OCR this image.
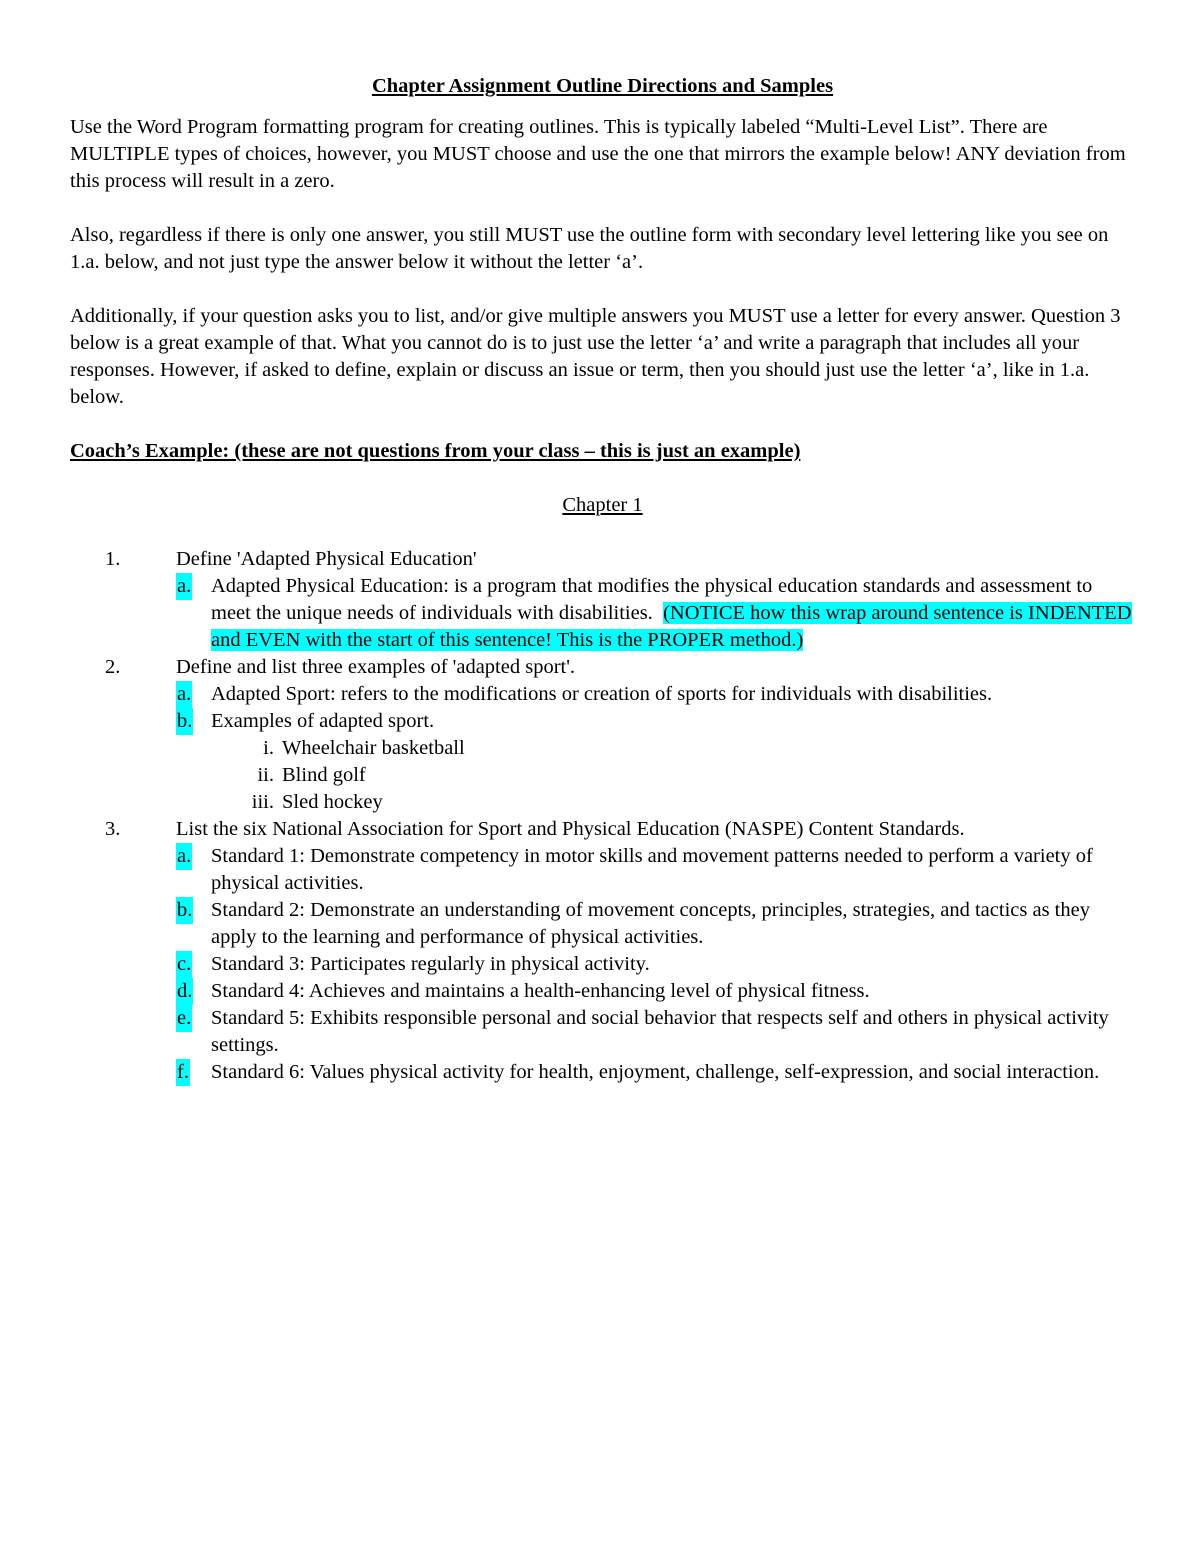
Chapter Assignment Outline Directions and Samples

Use the Word Program formatting program for creating outlines. This is typically labeled “Multi-Level List”. There are MULTIPLE types of choices, however, you MUST choose and use the one that mirrors the example below! ANY deviation from this process will result in a zero.

Also, regardless if there is only one answer, you still MUST use the outline form with secondary level lettering like you see on 1.a. below, and not just type the answer below it without the letter ‘a’.

Additionally, if your question asks you to list, and/or give multiple answers you MUST use a letter for every answer. Question 3 below is a great example of that. What you cannot do is to just use the letter ‘a’ and write a paragraph that includes all your responses. However, if asked to define, explain or discuss an issue or term, then you should just use the letter ‘a’, like in 1.a. below.

Coach’s Example: (these are not questions from your class – this is just an example)
Chapter 1
1.	Define 'Adapted Physical Education'
a. Adapted Physical Education: is a program that modifies the physical education standards and assessment to meet the unique needs of individuals with disabilities. (NOTICE how this wrap around sentence is INDENTED and EVEN with the start of this sentence! This is the PROPER method.)
2.	Define and list three examples of 'adapted sport'.
a. Adapted Sport: refers to the modifications or creation of sports for individuals with disabilities.
b. Examples of adapted sport.
i. Wheelchair basketball
ii. Blind golf
iii. Sled hockey
3.	List the six National Association for Sport and Physical Education (NASPE) Content Standards.
a. Standard 1: Demonstrate competency in motor skills and movement patterns needed to perform a variety of physical activities.
b. Standard 2: Demonstrate an understanding of movement concepts, principles, strategies, and tactics as they apply to the learning and performance of physical activities.
c. Standard 3: Participates regularly in physical activity.
d. Standard 4: Achieves and maintains a health-enhancing level of physical fitness.
e. Standard 5: Exhibits responsible personal and social behavior that respects self and others in physical activity settings.
f. Standard 6: Values physical activity for health, enjoyment, challenge, self-expression, and social interaction.
